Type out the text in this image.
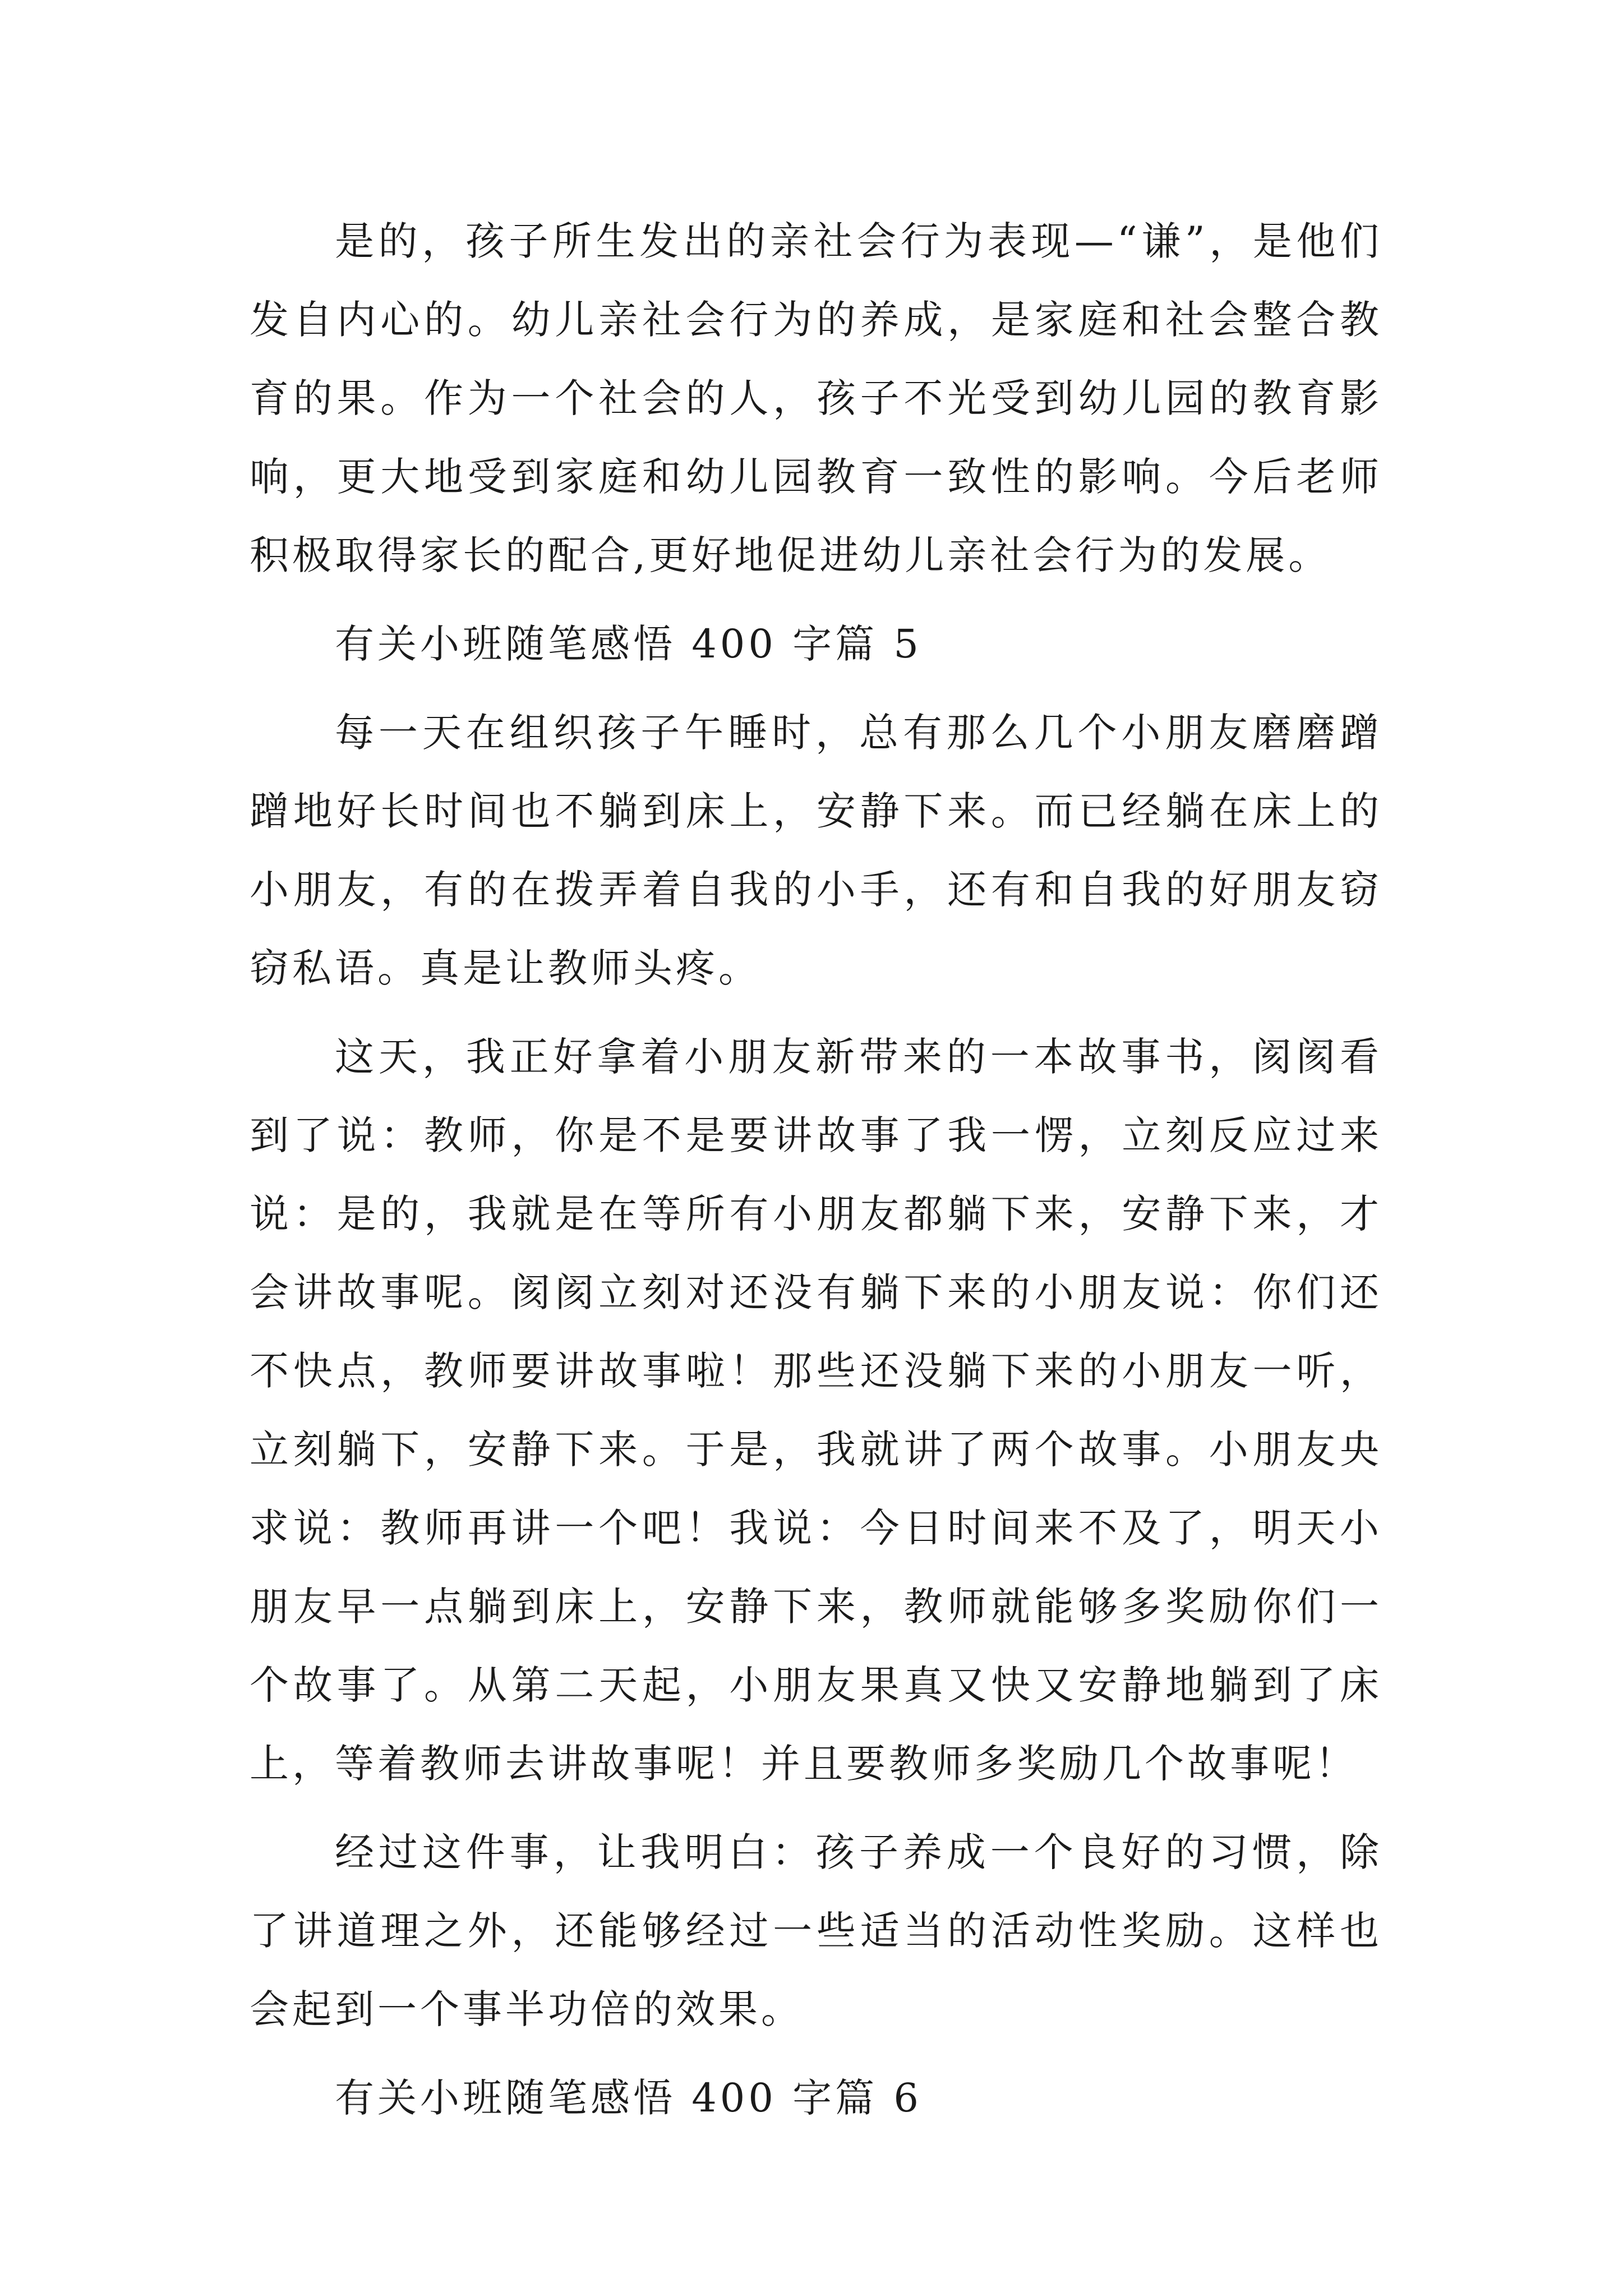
是的，孩子所生发出的亲社会行为表现—“谦”，是他们发自内心的。幼儿亲社会行为的养成，是家庭和社会整合教育的果。作为一个社会的人，孩子不光受到幼儿园的教育影响，更大地受到家庭和幼儿园教育一致性的影响。今后老师积极取得家长的配合,更好地促进幼儿亲社会行为的发展。

有关小班随笔感悟 400 字篇 5

每一天在组织孩子午睡时，总有那么几个小朋友磨磨蹭蹭地好长时间也不躺到床上，安静下来。而已经躺在床上的小朋友，有的在拨弄着自我的小手，还有和自我的好朋友窃窃私语。真是让教师头疼。

这天，我正好拿着小朋友新带来的一本故事书，阂阂看到了说：教师，你是不是要讲故事了我一愣，立刻反应过来说：是的，我就是在等所有小朋友都躺下来，安静下来，才会讲故事呢。阂阂立刻对还没有躺下来的小朋友说：你们还不快点，教师要讲故事啦！那些还没躺下来的小朋友一听，立刻躺下，安静下来。于是，我就讲了两个故事。小朋友央求说：教师再讲一个吧！我说：今日时间来不及了，明天小朋友早一点躺到床上，安静下来，教师就能够多奖励你们一个故事了。从第二天起，小朋友果真又快又安静地躺到了床上，等着教师去讲故事呢！并且要教师多奖励几个故事呢！

经过这件事，让我明白：孩子养成一个良好的习惯，除了讲道理之外，还能够经过一些适当的活动性奖励。这样也会起到一个事半功倍的效果。

有关小班随笔感悟 400 字篇 6
